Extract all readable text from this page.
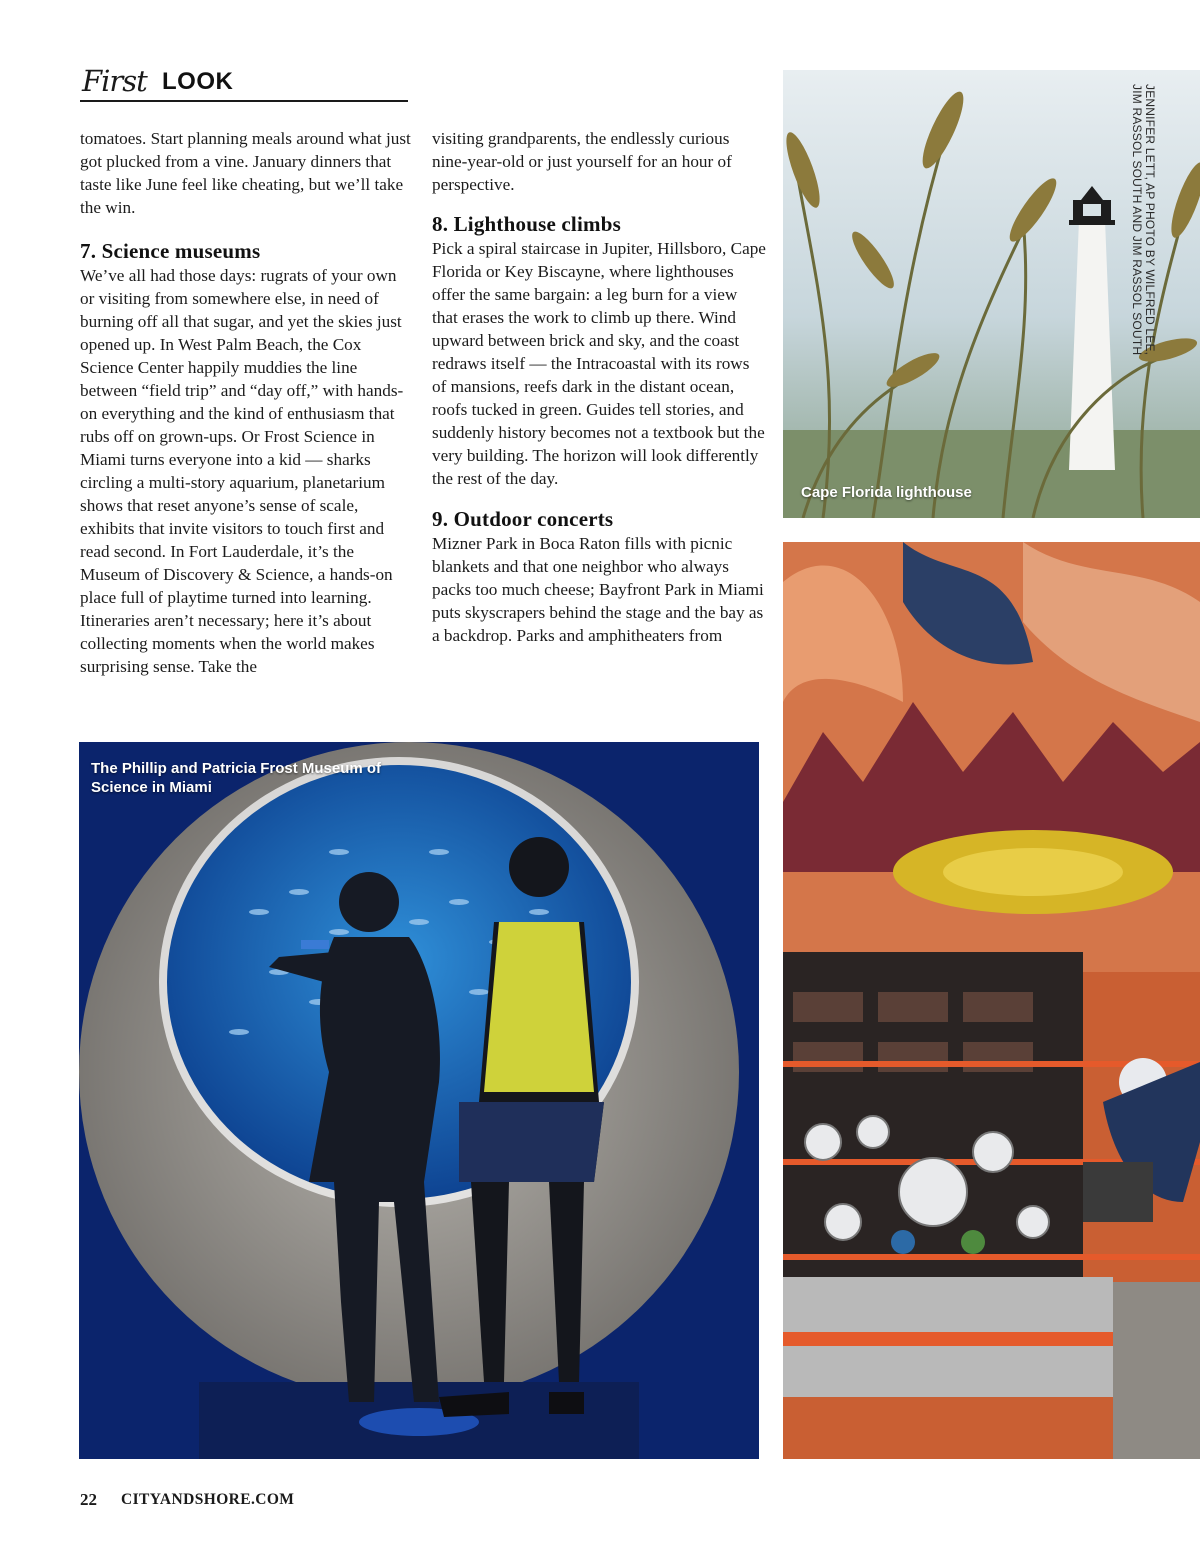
First LOOK

tomatoes. Start planning meals around what just got plucked from a vine. January dinners that taste like June feel like cheating, but we’ll take the win.

7. Science museums

We’ve all had those days: rugrats of your own or visiting from somewhere else, in need of burning off all that sugar, and yet the skies just opened up. In West Palm Beach, the Cox Science Center happily muddies the line between “field trip” and “day off,” with hands-on everything and the kind of enthusiasm that rubs off on grown-ups. Or Frost Science in Miami turns everyone into a kid — sharks circling a multi-story aquarium, planetarium shows that reset anyone’s sense of scale, exhibits that invite visitors to touch first and read second. In Fort Lauderdale, it’s the Museum of Discovery & Science, a hands-on place full of playtime turned into learning. Itineraries aren’t necessary; here it’s about collecting moments when the world makes surprising sense. Take the

visiting grandparents, the endlessly curious nine-year-old or just yourself for an hour of perspective.

8. Lighthouse climbs

Pick a spiral staircase in Jupiter, Hillsboro, Cape Florida or Key Biscayne, where lighthouses offer the same bargain: a leg burn for a view that erases the work to climb up there. Wind upward between brick and sky, and the coast redraws itself — the Intracoastal with its rows of mansions, reefs dark in the distant ocean, roofs tucked in green. Guides tell stories, and suddenly history becomes not a textbook but the very building. The horizon will look differently the rest of the day.

9. Outdoor concerts

Mizner Park in Boca Raton fills with picnic blankets and that one neighbor who always packs too much cheese; Bayfront Park in Miami puts skyscrapers behind the stage and the bay as a backdrop. Parks and amphitheaters from

Cape Florida lighthouse
JENNIFER LETT, AP PHOTO BY WILFRED LEE, JIM RASSOL SOUTH AND JIM RASSOL SOUTH
The Phillip and Patricia Frost Museum of Science in Miami
22 CITYANDSHORE.COM
